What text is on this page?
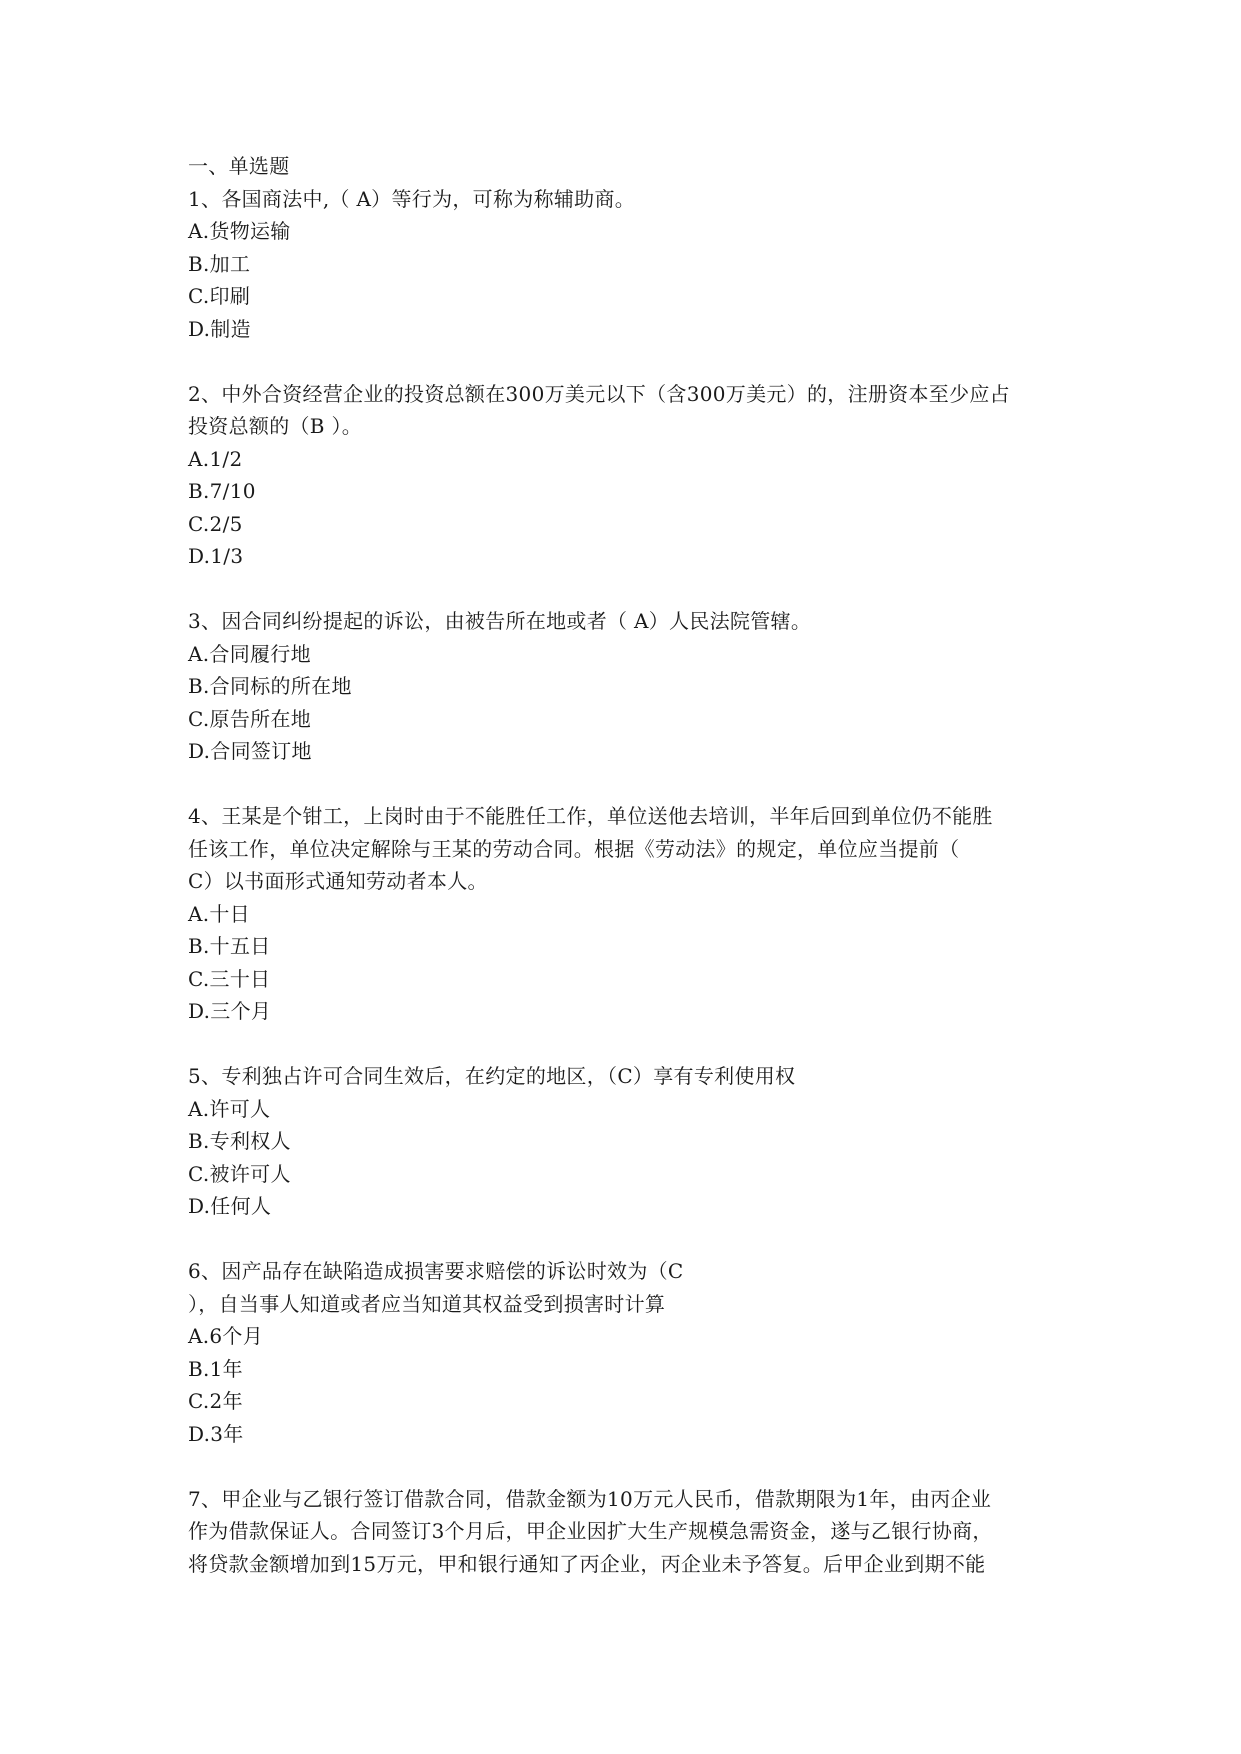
一、单选题
1、各国商法中,（ A）等行为，可称为称辅助商。
A.货物运输
B.加工
C.印刷
D.制造
2、中外合资经营企业的投资总额在300万美元以下（含300万美元）的，注册资本至少应占
投资总额的（B ）。
A.1/2
B.7/10
C.2/5
D.1/3
3、因合同纠纷提起的诉讼，由被告所在地或者（ A）人民法院管辖。
A.合同履行地
B.合同标的所在地
C.原告所在地
D.合同签订地
4、王某是个钳工，上岗时由于不能胜任工作，单位送他去培训，半年后回到单位仍不能胜
任该工作，单位决定解除与王某的劳动合同。根据《劳动法》的规定，单位应当提前（
C）以书面形式通知劳动者本人。
A.十日
B.十五日
C.三十日
D.三个月
5、专利独占许可合同生效后，在约定的地区，（C）享有专利使用权
A.许可人
B.专利权人
C.被许可人
D.任何人
6、因产品存在缺陷造成损害要求赔偿的诉讼时效为（C
），自当事人知道或者应当知道其权益受到损害时计算
A.6个月
B.1年
C.2年
D.3年
7、甲企业与乙银行签订借款合同，借款金额为10万元人民币，借款期限为1年，由丙企业
作为借款保证人。合同签订3个月后，甲企业因扩大生产规模急需资金，遂与乙银行协商，
将贷款金额增加到15万元，甲和银行通知了丙企业，丙企业未予答复。后甲企业到期不能
